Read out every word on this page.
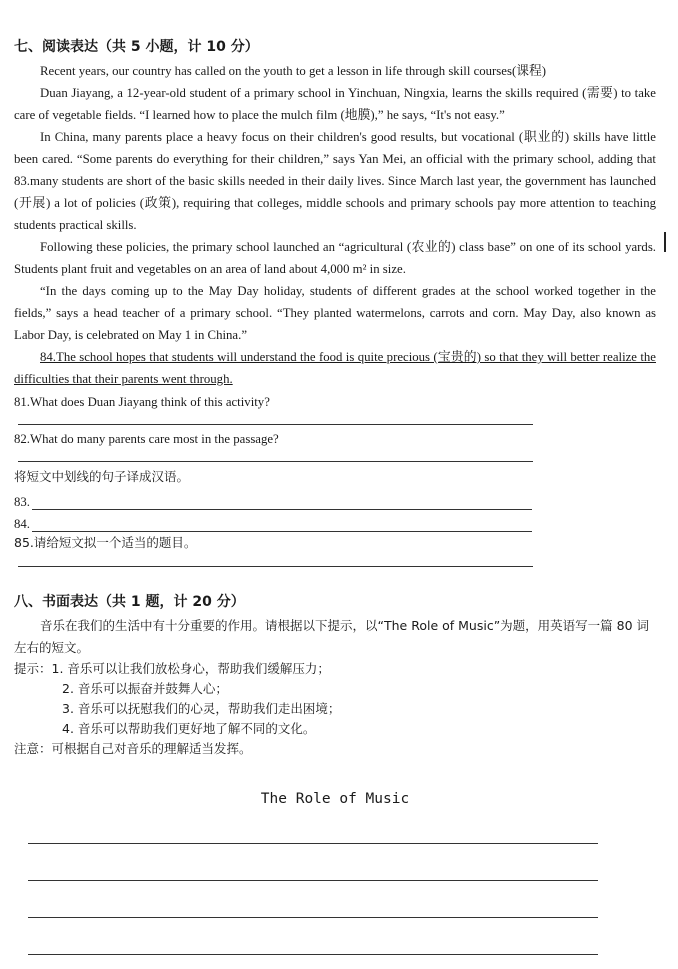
七、阅读表达（共 5 小题，计 10 分）

Recent years, our country has called on the youth to get a lesson in life through skill courses(课程)

Duan Jiayang, a 12-year-old student of a primary school in Yinchuan, Ningxia, learns the skills required (需要) to take care of vegetable fields. “I learned how to place the mulch film (地膜),” he says, “It's not easy.”

In China, many parents place a heavy focus on their children's good results, but vocational (职业的) skills have little been cared. “Some parents do everything for their children,” says Yan Mei, an official with the primary school, adding that 83.many students are short of the basic skills needed in their daily lives. Since March last year, the government has launched (开展) a lot of policies (政策), requiring that colleges, middle schools and primary schools pay more attention to teaching students practical skills.

Following these policies, the primary school launched an “agricultural (农业的) class base” on one of its school yards. Students plant fruit and vegetables on an area of land about 4,000 m² in size.

“In the days coming up to the May Day holiday, students of different grades at the school worked together in the fields,” says a head teacher of a primary school. “They planted watermelons, carrots and corn. May Day, also known as Labor Day, is celebrated on May 1 in China.”

84.The school hopes that students will understand the food is quite precious (宝贵的) so that they will better realize the difficulties that their parents went through.

81.What does Duan Jiayang think of this activity?

82.What do many parents care most in the passage?

将短文中划线的句子译成汉语。

83.
84.

85.请给短文拟一个适当的题目。

八、书面表达（共 1 题，计 20 分）

音乐在我们的生活中有十分重要的作用。请根据以下提示，以“The Role of Music”为题，用英语写一篇 80 词左右的短文。

提示：1. 音乐可以让我们放松身心，帮助我们缓解压力；

2. 音乐可以振奋并鼓舞人心；

3. 音乐可以抚慰我们的心灵，帮助我们走出困境；

4. 音乐可以帮助我们更好地了解不同的文化。

注意：可根据自己对音乐的理解适当发挥。

The Role of Music
